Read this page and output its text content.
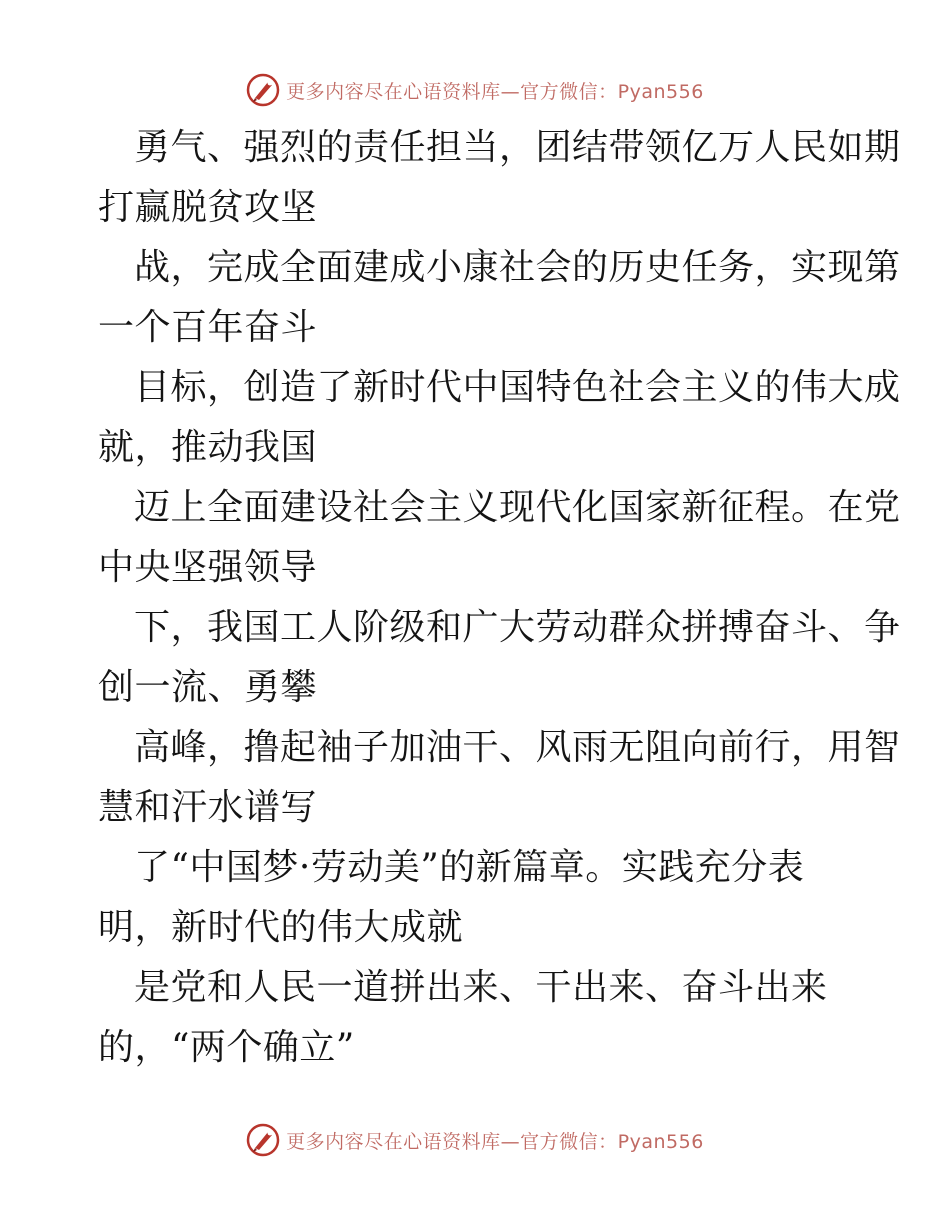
更多内容尽在心语资料库—官方微信：Pyan556
勇气、强烈的责任担当，团结带领亿万人民如期
打赢脱贫攻坚
战，完成全面建成小康社会的历史任务，实现第
一个百年奋斗
目标，创造了新时代中国特色社会主义的伟大成
就，推动我国
迈上全面建设社会主义现代化国家新征程。在党
中央坚强领导
下，我国工人阶级和广大劳动群众拼搏奋斗、争
创一流、勇攀
高峰，撸起袖子加油干、风雨无阻向前行，用智
慧和汗水谱写
了“中国梦·劳动美”的新篇章。实践充分表
明，新时代的伟大成就
是党和人民一道拼出来、干出来、奋斗出来
的，“两个确立”
更多内容尽在心语资料库—官方微信：Pyan556
